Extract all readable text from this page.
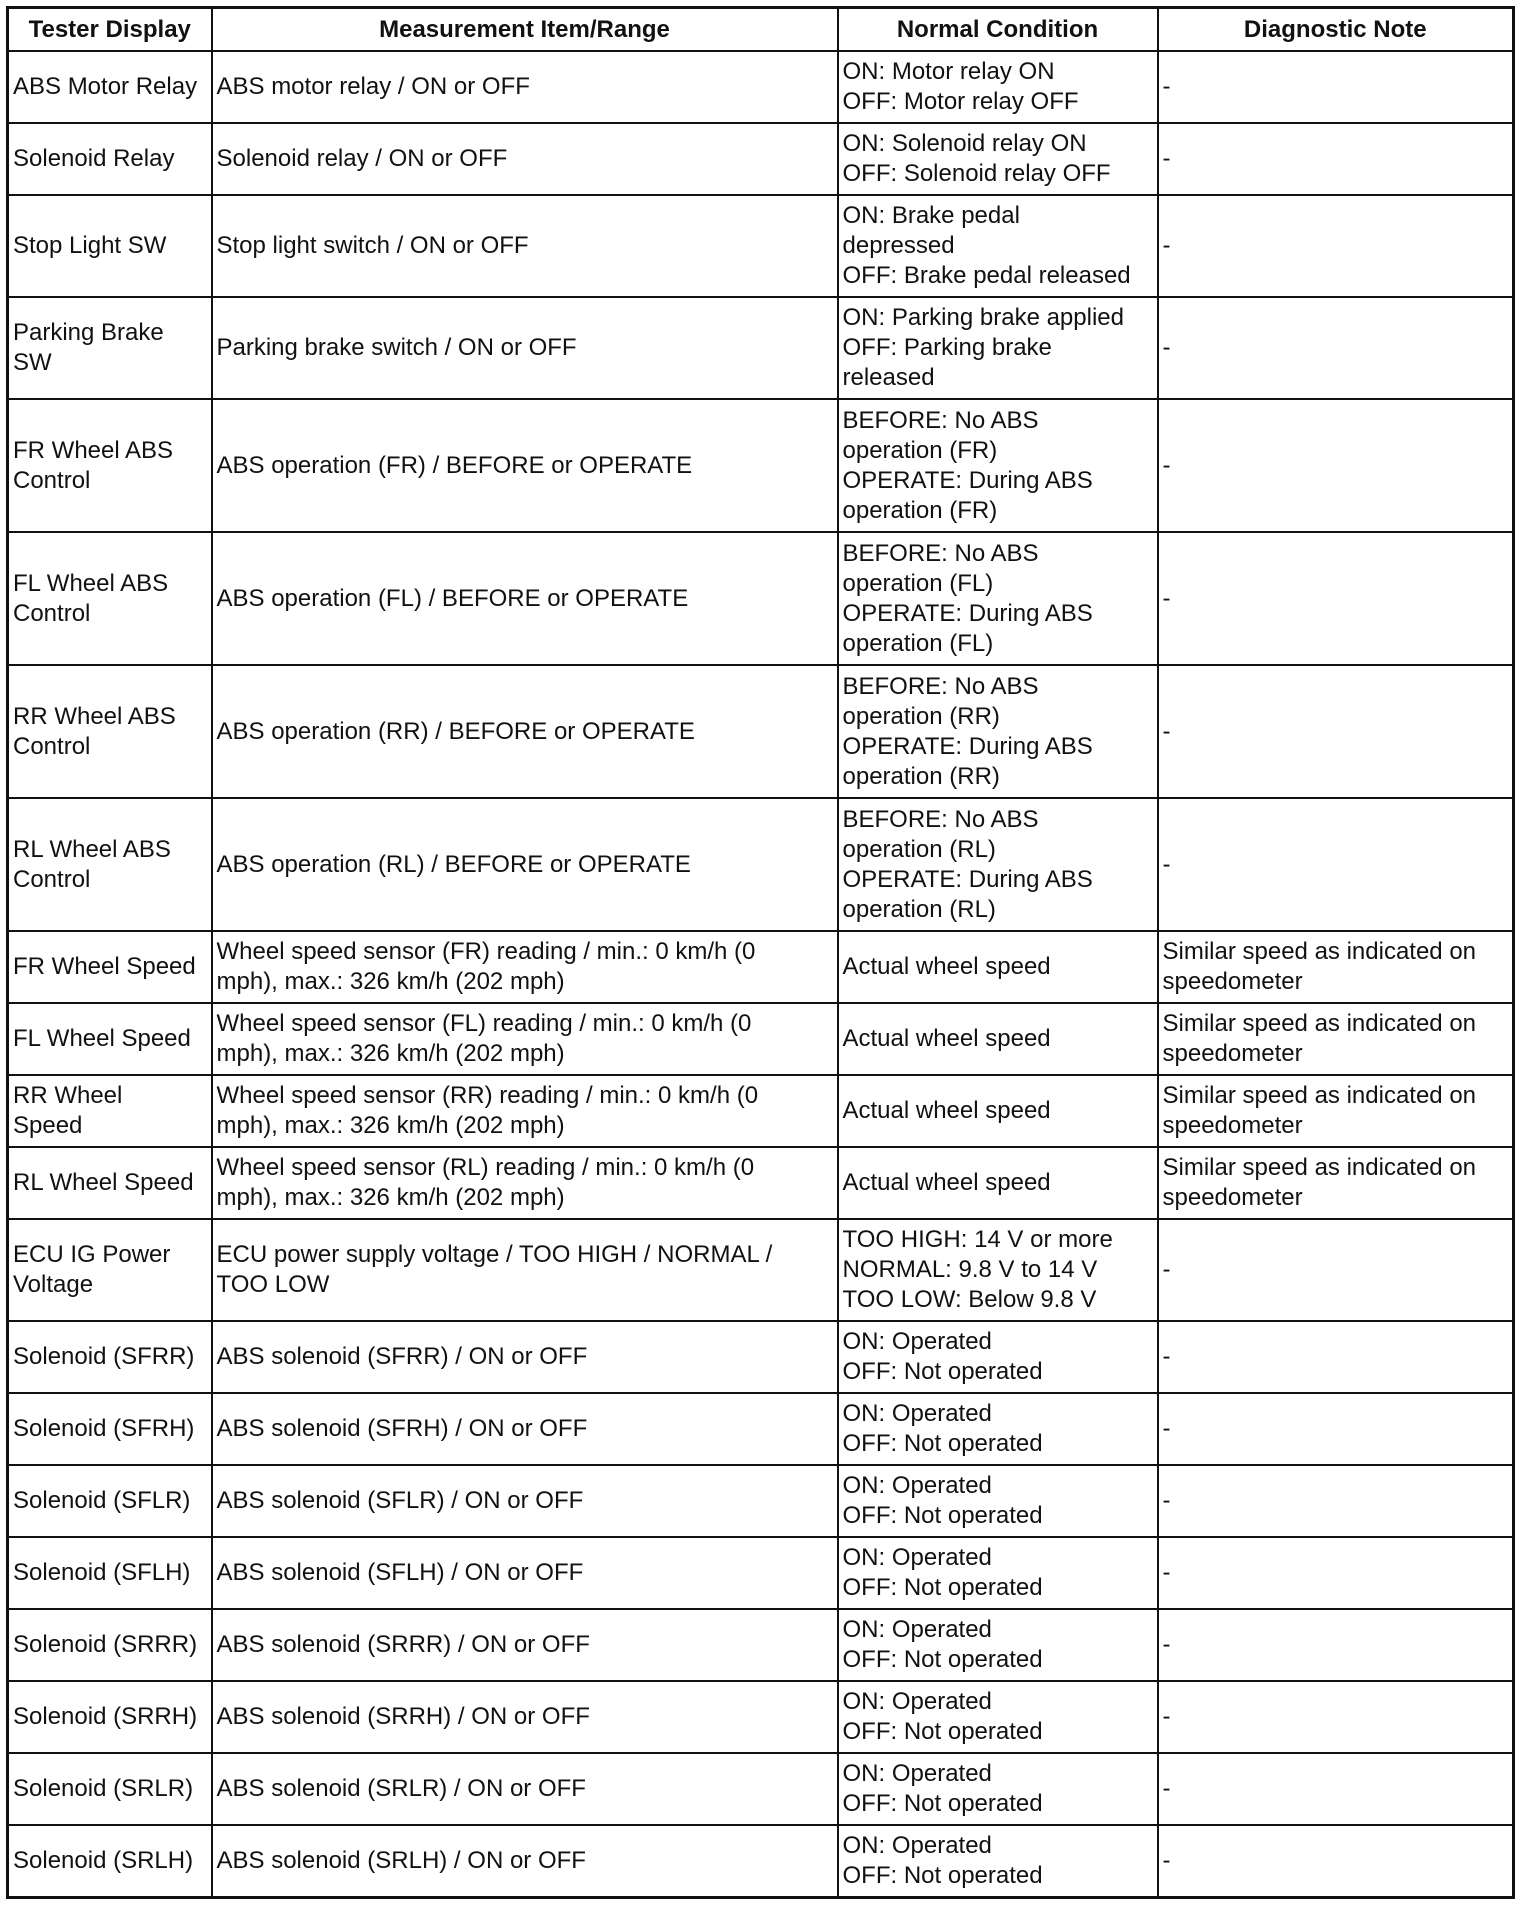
Tester Display	Measurement Item/Range	Normal Condition	Diagnostic Note

ABS Motor Relay	ABS motor relay / ON or OFF	ON: Motor relay ON
OFF: Motor relay OFF	-

Solenoid Relay	Solenoid relay / ON or OFF	ON: Solenoid relay ON
OFF: Solenoid relay OFF	-

Stop Light SW	Stop light switch / ON or OFF	ON: Brake pedal
depressed
OFF: Brake pedal released	-

Parking Brake
SW	Parking brake switch / ON or OFF	ON: Parking brake applied
OFF: Parking brake
released	-

FR Wheel ABS
Control	ABS operation (FR) / BEFORE or OPERATE	BEFORE: No ABS
operation (FR)
OPERATE: During ABS
operation (FR)	-

FL Wheel ABS
Control	ABS operation (FL) / BEFORE or OPERATE	BEFORE: No ABS
operation (FL)
OPERATE: During ABS
operation (FL)	-

RR Wheel ABS
Control	ABS operation (RR) / BEFORE or OPERATE	BEFORE: No ABS
operation (RR)
OPERATE: During ABS
operation (RR)	-

RL Wheel ABS
Control	ABS operation (RL) / BEFORE or OPERATE	BEFORE: No ABS
operation (RL)
OPERATE: During ABS
operation (RL)	-

FR Wheel Speed	Wheel speed sensor (FR) reading / min.: 0 km/h (0
mph), max.: 326 km/h (202 mph)	Actual wheel speed	Similar speed as indicated on
speedometer

FL Wheel Speed	Wheel speed sensor (FL) reading / min.: 0 km/h (0
mph), max.: 326 km/h (202 mph)	Actual wheel speed	Similar speed as indicated on
speedometer

RR Wheel
Speed	Wheel speed sensor (RR) reading / min.: 0 km/h (0
mph), max.: 326 km/h (202 mph)	Actual wheel speed	Similar speed as indicated on
speedometer

RL Wheel Speed	Wheel speed sensor (RL) reading / min.: 0 km/h (0
mph), max.: 326 km/h (202 mph)	Actual wheel speed	Similar speed as indicated on
speedometer

ECU IG Power
Voltage	ECU power supply voltage / TOO HIGH / NORMAL /
TOO LOW	TOO HIGH: 14 V or more
NORMAL: 9.8 V to 14 V
TOO LOW: Below 9.8 V	-

Solenoid (SFRR)	ABS solenoid (SFRR) / ON or OFF	ON: Operated
OFF: Not operated	-

Solenoid (SFRH)	ABS solenoid (SFRH) / ON or OFF	ON: Operated
OFF: Not operated	-

Solenoid (SFLR)	ABS solenoid (SFLR) / ON or OFF	ON: Operated
OFF: Not operated	-

Solenoid (SFLH)	ABS solenoid (SFLH) / ON or OFF	ON: Operated
OFF: Not operated	-

Solenoid (SRRR)	ABS solenoid (SRRR) / ON or OFF	ON: Operated
OFF: Not operated	-

Solenoid (SRRH)	ABS solenoid (SRRH) / ON or OFF	ON: Operated
OFF: Not operated	-

Solenoid (SRLR)	ABS solenoid (SRLR) / ON or OFF	ON: Operated
OFF: Not operated	-

Solenoid (SRLH)	ABS solenoid (SRLH) / ON or OFF	ON: Operated
OFF: Not operated	-
